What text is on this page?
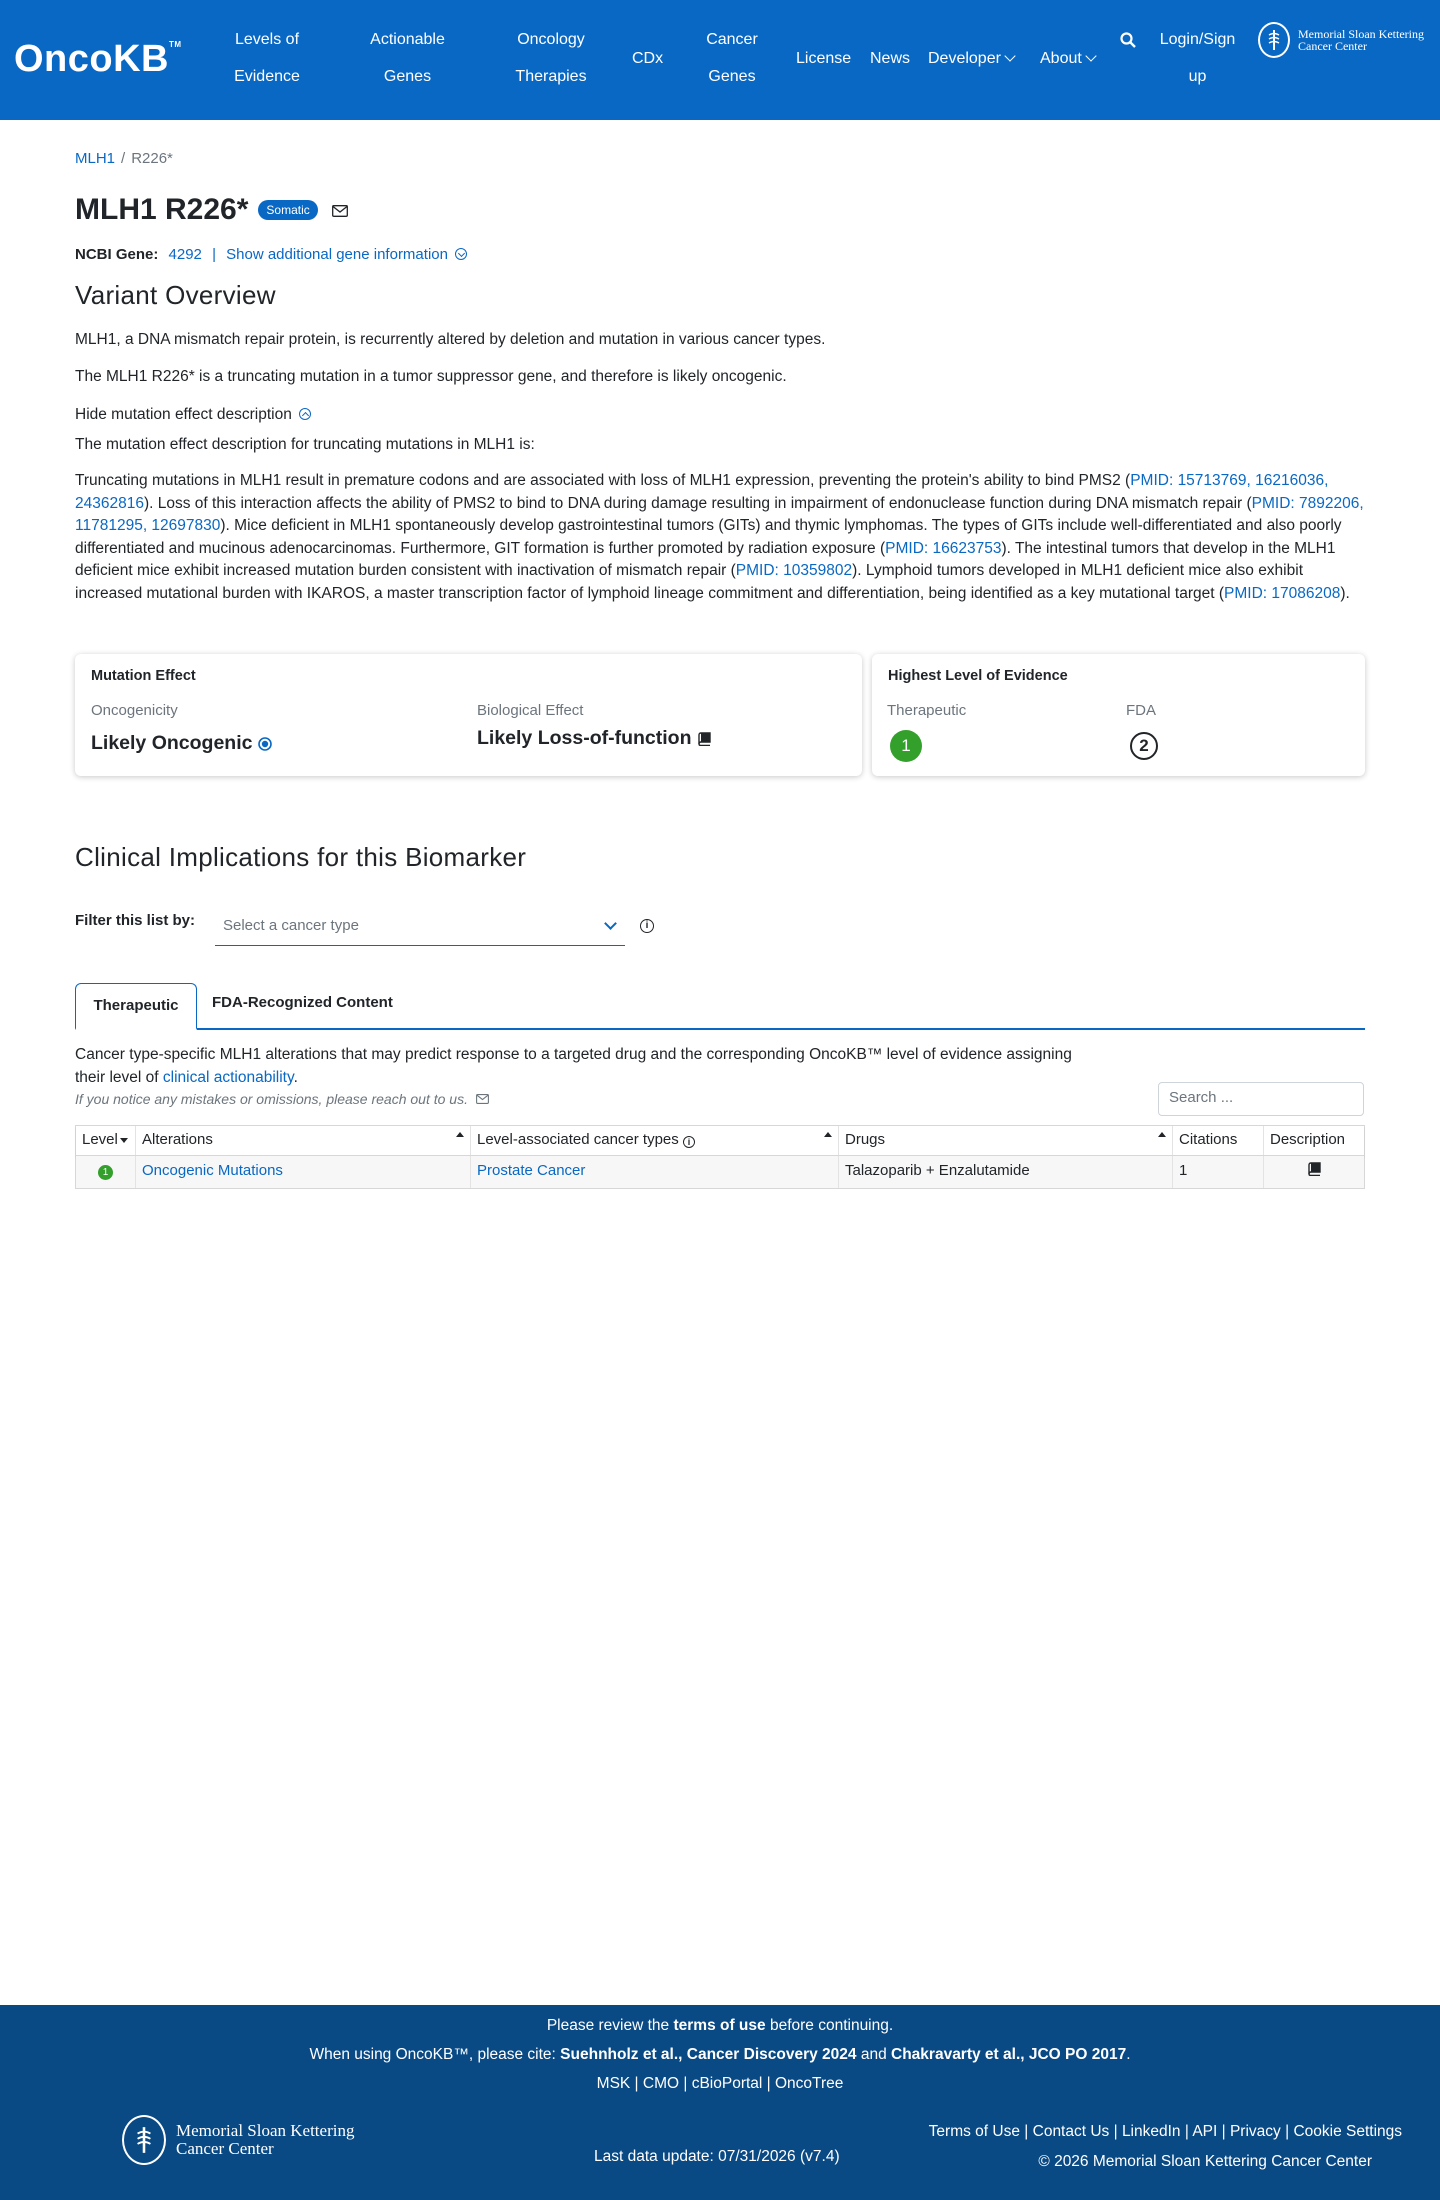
OncoKB™	Levels of
Evidence
Actionable
Genes
Oncology
Therapies
CDx
Cancer
Genes
License News Developer	About
Login/Sign
up
Memorial Sloan Kettering
Cancer Center
MLH1 / R226*
MLH1 R226*	Somatic
NCBI Gene: 4292 | Show additional gene information
Variant Overview

MLH1, a DNA mismatch repair protein, is recurrently altered by deletion and mutation in various cancer types.

The MLH1 R226* is a truncating mutation in a tumor suppressor gene, and therefore is likely oncogenic.

Hide mutation effect description

The mutation effect description for truncating mutations in MLH1 is:

Truncating mutations in MLH1 result in premature codons and are associated with loss of MLH1 expression, preventing the protein's ability to bind PMS2 (PMID: 15713769, 16216036, 24362816). Loss of this interaction affects the ability of PMS2 to bind to DNA during damage resulting in impairment of endonuclease function during DNA mismatch repair (PMID: 7892206, 11781295, 12697830). Mice deficient in MLH1 spontaneously develop gastrointestinal tumors (GITs) and thymic lymphomas. The types of GITs include well-differentiated and also poorly differentiated and mucinous adenocarcinomas. Furthermore, GIT formation is further promoted by radiation exposure (PMID: 16623753). The intestinal tumors that develop in the MLH1 deficient mice exhibit increased mutation burden consistent with inactivation of mismatch repair (PMID: 10359802). Lymphoid tumors developed in MLH1 deficient mice also exhibit increased mutational burden with IKAROS, a master transcription factor of lymphoid lineage commitment and differentiation, being identified as a key mutational target (PMID: 17086208).

Mutation Effect
Oncogenicity
Likely Oncogenic
Biological Effect
Likely Loss-of-function
Highest Level of Evidence
Therapeutic
1
FDA
2
Clinical Implications for this Biomarker
Filter this list by: Select a cancer type	i
Therapeutic	FDA-Recognized Content

Cancer type-specific MLH1 alterations that may predict response to a targeted drug and the corresponding OncoKB™ level of evidence assigning their level of clinical actionability.

If you notice any mistakes or omissions, please reach out to us.	Search ...
Level	Alterations	Level-associated cancer types i	Drugs	Citations	Description
1	Oncogenic Mutations	Prostate Cancer	Talazoparib + Enzalutamide	1
Please review the terms of use before continuing.
When using OncoKB™, please cite: Suehnholz et al., Cancer Discovery 2024 and Chakravarty et al., JCO PO 2017.
MSK | CMO | cBioPortal | OncoTree
Memorial Sloan Kettering
Cancer Center	Last data update: 07/31/2026 (v7.4)
Terms of Use | Contact Us | LinkedIn | API | Privacy | Cookie Settings
© 2026 Memorial Sloan Kettering Cancer Center
